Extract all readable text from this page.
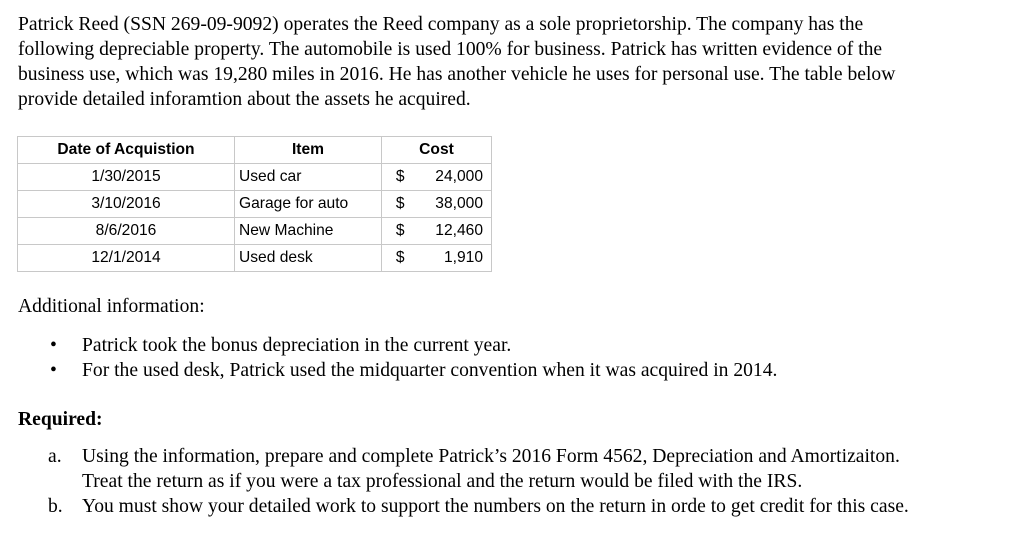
Patrick Reed (SSN 269-09-9092) operates the Reed company as a sole proprietorship. The company has the
following depreciable property. The automobile is used 100% for business. Patrick has written evidence of the
business use, which was 19,280 miles in 2016. He has another vehicle he uses for personal use. The table below
provide detailed inforamtion about the assets he acquired.
Date of Acquistion	Item	Cost	
1/30/2015	Used car	$	24,000
3/10/2016	Garage for auto	$	38,000
8/6/2016	New Machine	$	12,460
12/1/2014	Used desk	$	1,910
Additional information:
• Patrick took the bonus depreciation in the current year.
• For the used desk, Patrick used the midquarter convention when it was acquired in 2014.
Required:
a. Using the information, prepare and complete Patrick’s 2016 Form 4562, Depreciation and Amortizaiton.
Treat the return as if you were a tax professional and the return would be filed with the IRS.
b. You must show your detailed work to support the numbers on the return in orde to get credit for this case.
